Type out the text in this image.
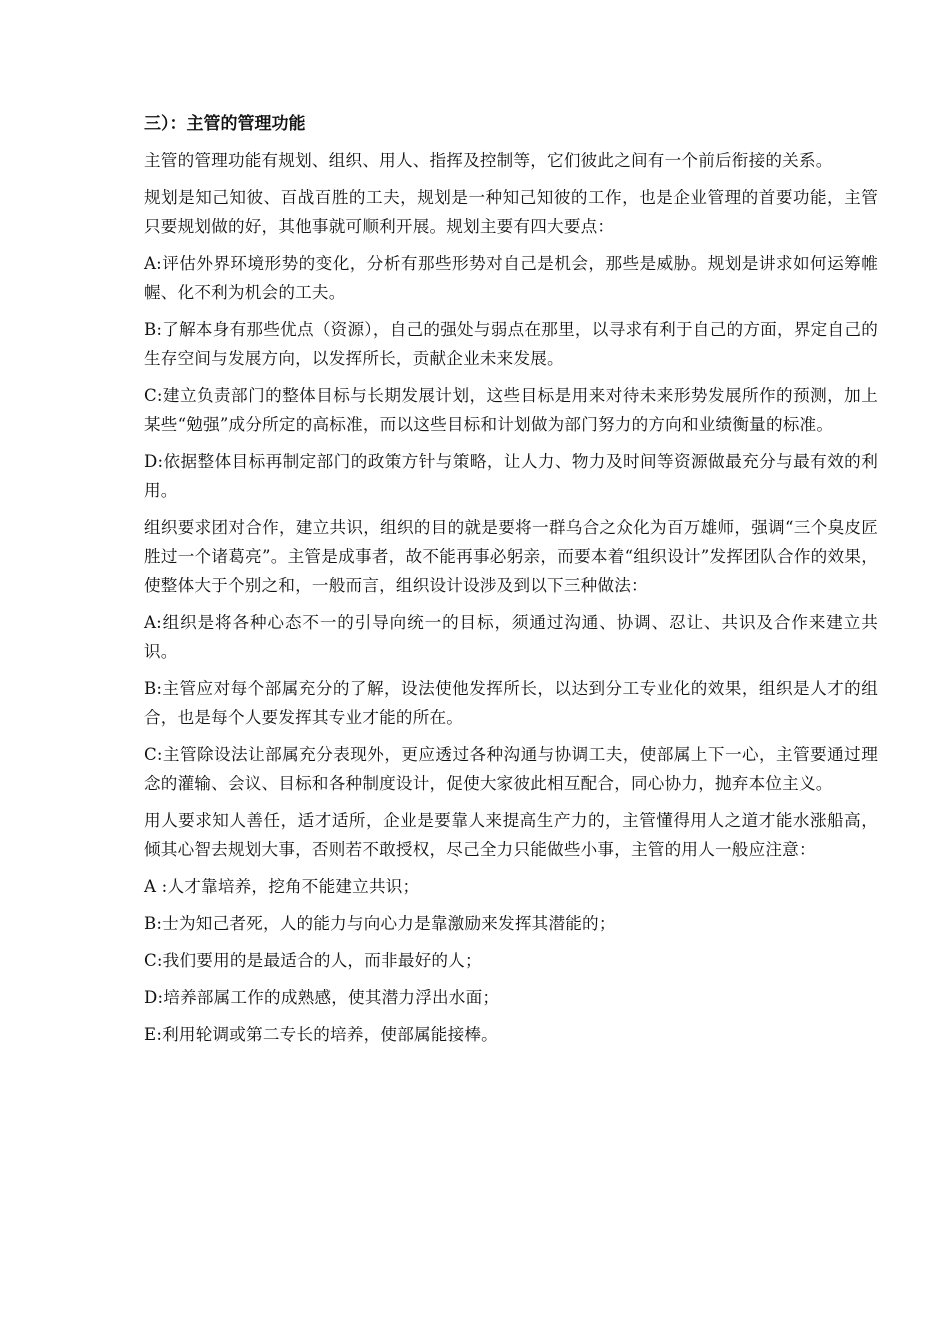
三）：主管的管理功能

主管的管理功能有规划、组织、用人、指挥及控制等，它们彼此之间有一个前后衔接的关系。

规划是知己知彼、百战百胜的工夫，规划是一种知己知彼的工作，也是企业管理的首要功能，主管只要规划做的好，其他事就可顺利开展。规划主要有四大要点：

A:评估外界环境形势的变化，分析有那些形势对自己是机会，那些是威胁。规划是讲求如何运筹帷幄、化不利为机会的工夫。

B:了解本身有那些优点（资源），自己的强处与弱点在那里，以寻求有利于自己的方面，界定自己的生存空间与发展方向，以发挥所长，贡献企业未来发展。

C:建立负责部门的整体目标与长期发展计划，这些目标是用来对待未来形势发展所作的预测，加上某些“勉强”成分所定的高标准，而以这些目标和计划做为部门努力的方向和业绩衡量的标准。

D:依据整体目标再制定部门的政策方针与策略，让人力、物力及时间等资源做最充分与最有效的利用。

组织要求团对合作，建立共识，组织的目的就是要将一群乌合之众化为百万雄师，强调“三个臭皮匠胜过一个诸葛亮”。主管是成事者，故不能再事必躬亲，而要本着“组织设计”发挥团队合作的效果，使整体大于个别之和，一般而言，组织设计设涉及到以下三种做法：

A:组织是将各种心态不一的引导向统一的目标，须通过沟通、协调、忍让、共识及合作来建立共识。

B:主管应对每个部属充分的了解，设法使他发挥所长，以达到分工专业化的效果，组织是人才的组合，也是每个人要发挥其专业才能的所在。

C:主管除设法让部属充分表现外，更应透过各种沟通与协调工夫，使部属上下一心，主管要通过理念的灌输、会议、目标和各种制度设计，促使大家彼此相互配合，同心协力，抛弃本位主义。

用人要求知人善任，适才适所，企业是要靠人来提高生产力的，主管懂得用人之道才能水涨船高，倾其心智去规划大事，否则若不敢授权，尽己全力只能做些小事，主管的用人一般应注意：

A :人才靠培养，挖角不能建立共识；

B:士为知己者死，人的能力与向心力是靠激励来发挥其潜能的；

C:我们要用的是最适合的人，而非最好的人；

D:培养部属工作的成熟感，使其潜力浮出水面；

E:利用轮调或第二专长的培养，使部属能接棒。
